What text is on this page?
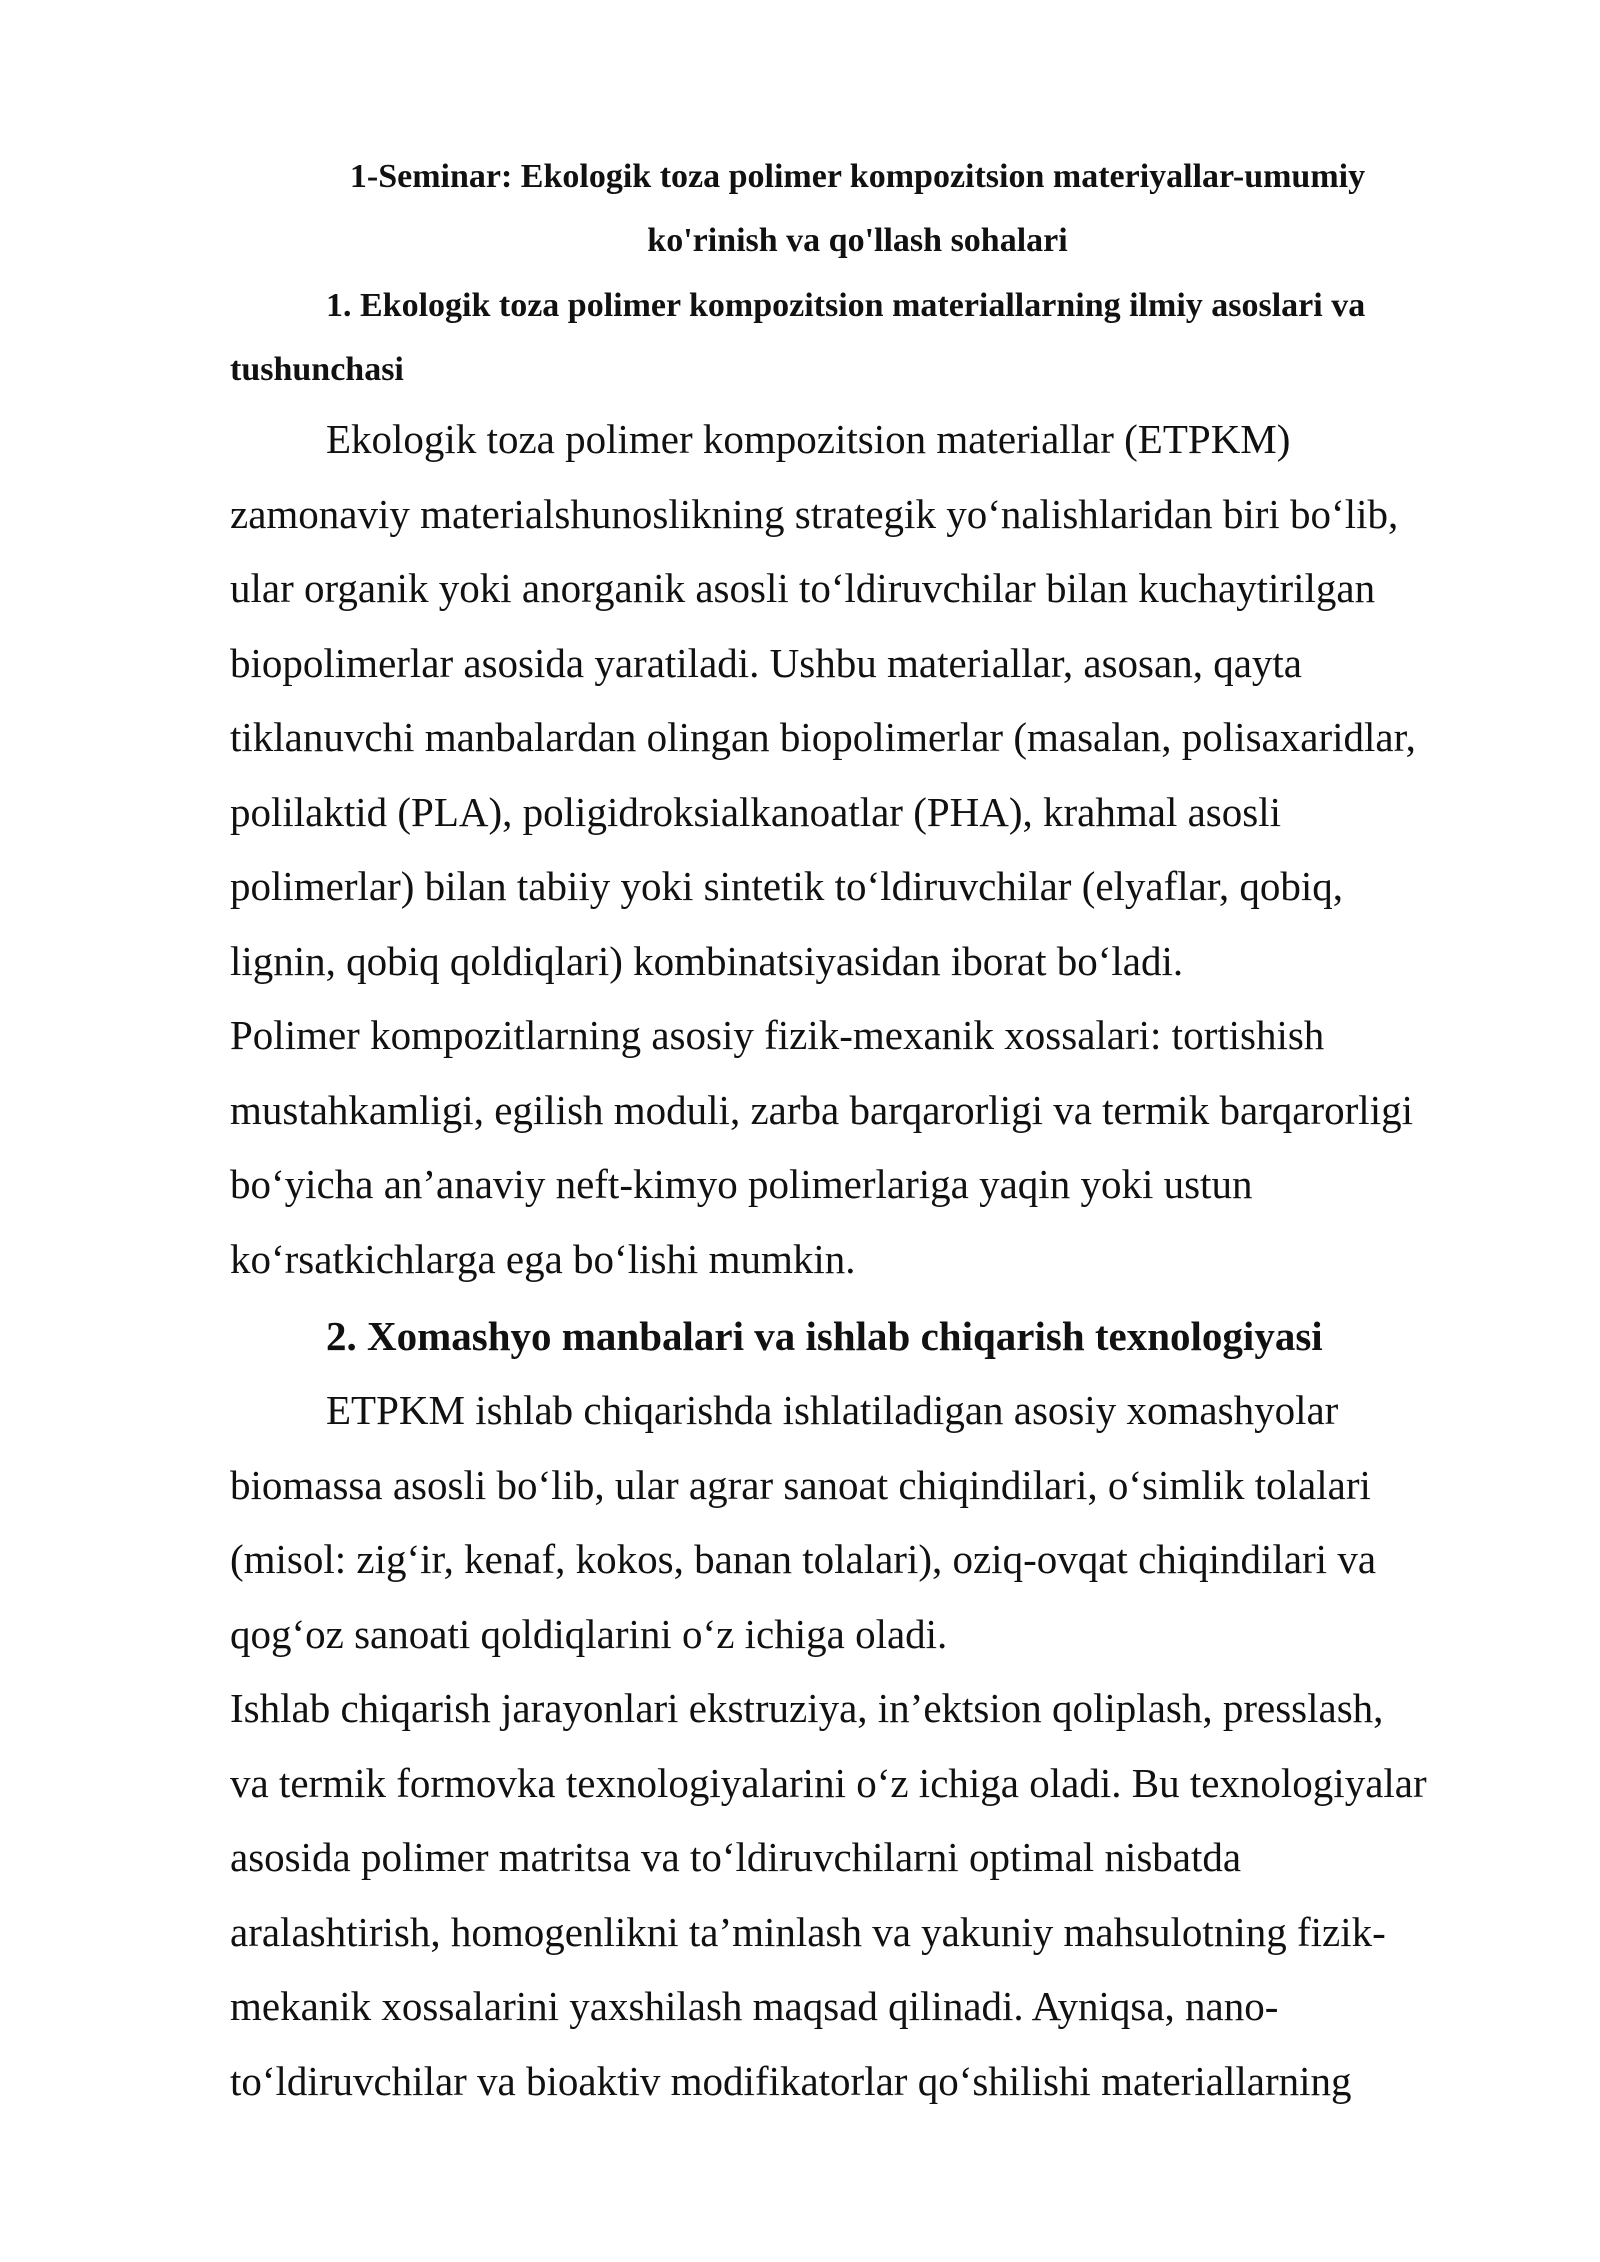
1-Seminar: Ekologik toza polimer kompozitsion materiyallar-umumiy
ko'rinish va qo'llash sohalari
1. Ekologik toza polimer kompozitsion materiallarning ilmiy asoslari va
tushunchasi
Ekologik toza polimer kompozitsion materiallar (ETPKM)
zamonaviy materialshunoslikning strategik yo‘nalishlaridan biri bo‘lib,
ular organik yoki anorganik asosli to‘ldiruvchilar bilan kuchaytirilgan
biopolimerlar asosida yaratiladi. Ushbu materiallar, asosan, qayta
tiklanuvchi manbalardan olingan biopolimerlar (masalan, polisaxaridlar,
polilaktid (PLA), poligidroksialkanoatlar (PHA), krahmal asosli
polimerlar) bilan tabiiy yoki sintetik to‘ldiruvchilar (elyaflar, qobiq,
lignin, qobiq qoldiqlari) kombinatsiyasidan iborat bo‘ladi.
Polimer kompozitlarning asosiy fizik-mexanik xossalari: tortishish
mustahkamligi, egilish moduli, zarba barqarorligi va termik barqarorligi
bo‘yicha an’anaviy neft-kimyo polimerlariga yaqin yoki ustun
ko‘rsatkichlarga ega bo‘lishi mumkin.
2. Xomashyo manbalari va ishlab chiqarish texnologiyasi
ETPKM ishlab chiqarishda ishlatiladigan asosiy xomashyolar
biomassa asosli bo‘lib, ular agrar sanoat chiqindilari, o‘simlik tolalari
(misol: zig‘ir, kenaf, kokos, banan tolalari), oziq-ovqat chiqindilari va
qog‘oz sanoati qoldiqlarini o‘z ichiga oladi.
Ishlab chiqarish jarayonlari ekstruziya, in’ektsion qoliplash, presslash,
va termik formovka texnologiyalarini o‘z ichiga oladi. Bu texnologiyalar
asosida polimer matritsa va to‘ldiruvchilarni optimal nisbatda
aralashtirish, homogenlikni ta’minlash va yakuniy mahsulotning fizik-
mekanik xossalarini yaxshilash maqsad qilinadi. Ayniqsa, nano-
to‘ldiruvchilar va bioaktiv modifikatorlar qo‘shilishi materiallarning
